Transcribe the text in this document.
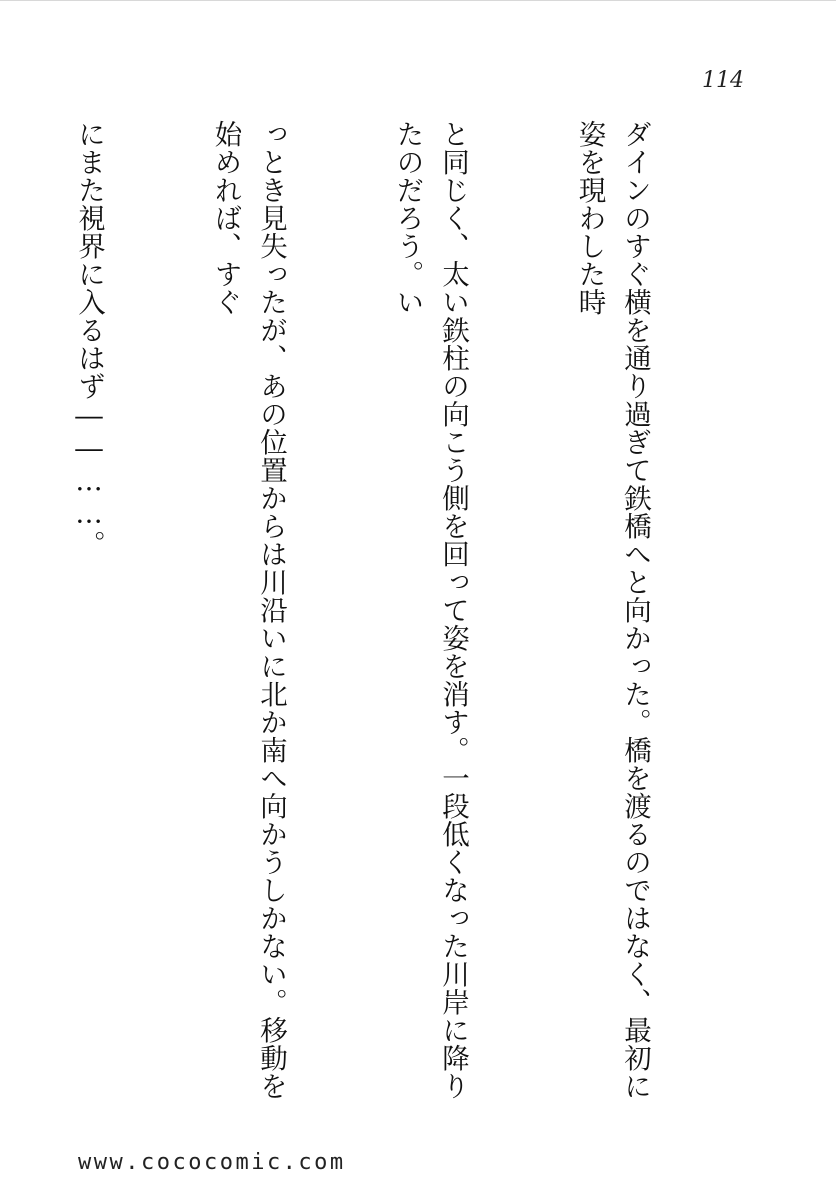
114

ダインのすぐ横を通り過ぎて鉄橋へと向かった。橋を渡るのではなく、最初に姿を現わした時

と同じく、太い鉄柱の向こう側を回って姿を消す。一段低くなった川岸に降りたのだろう。い

っとき見失ったが、あの位置からは川沿いに北か南へ向かうしかない。移動を始めれば、すぐ

にまた視界に入るはず――……。

www.cococomic.com
